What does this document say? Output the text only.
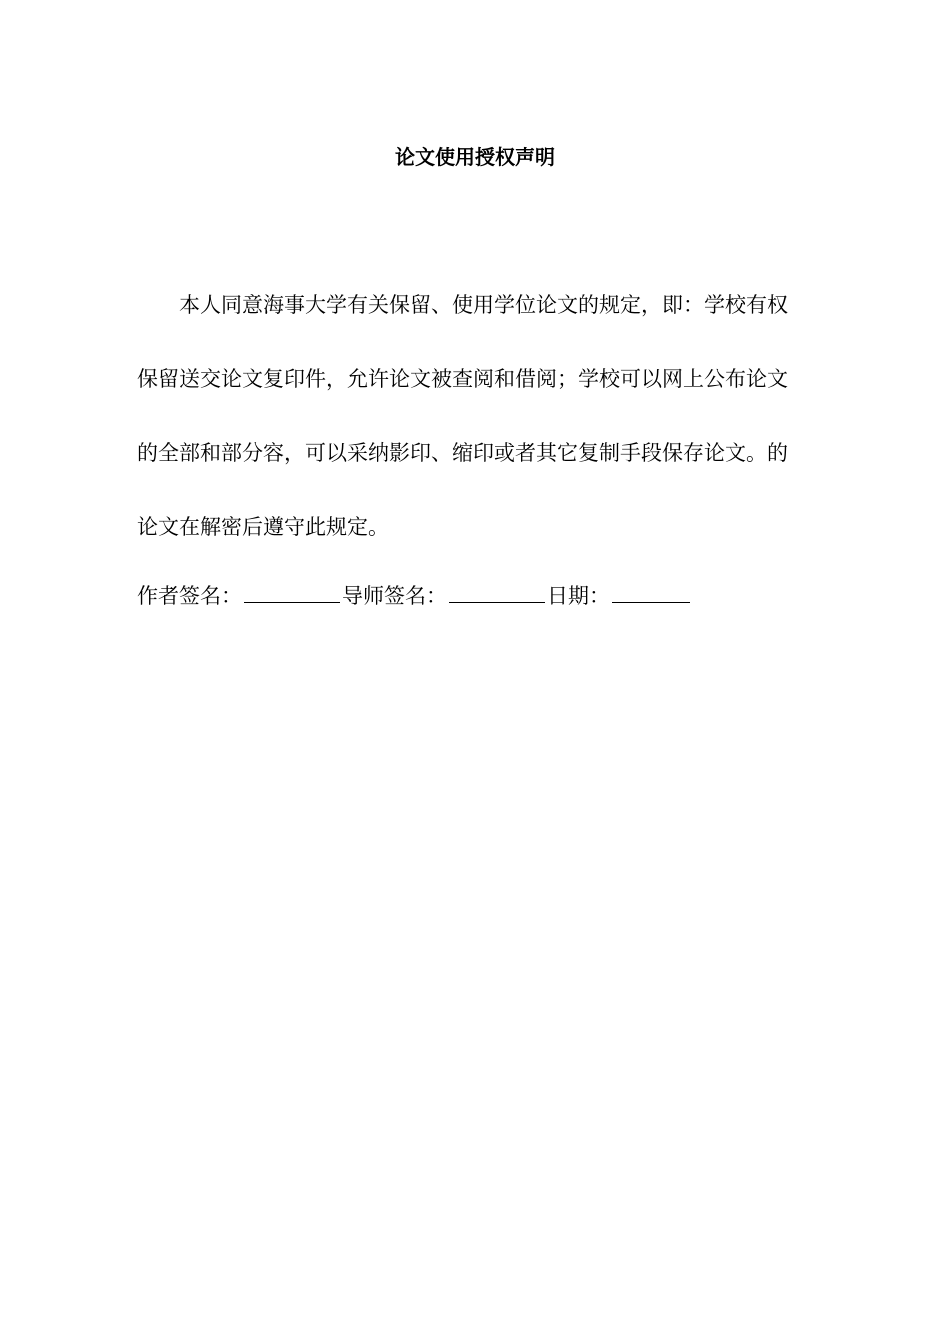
论文使用授权声明
本人同意海事大学有关保留、使用学位论文的规定，即：学校有权
保留送交论文复印件，允许论文被查阅和借阅；学校可以网上公布论文
的全部和部分容，可以采纳影印、缩印或者其它复制手段保存论文。的
论文在解密后遵守此规定。
作者签名：	导师签名：	日期：
